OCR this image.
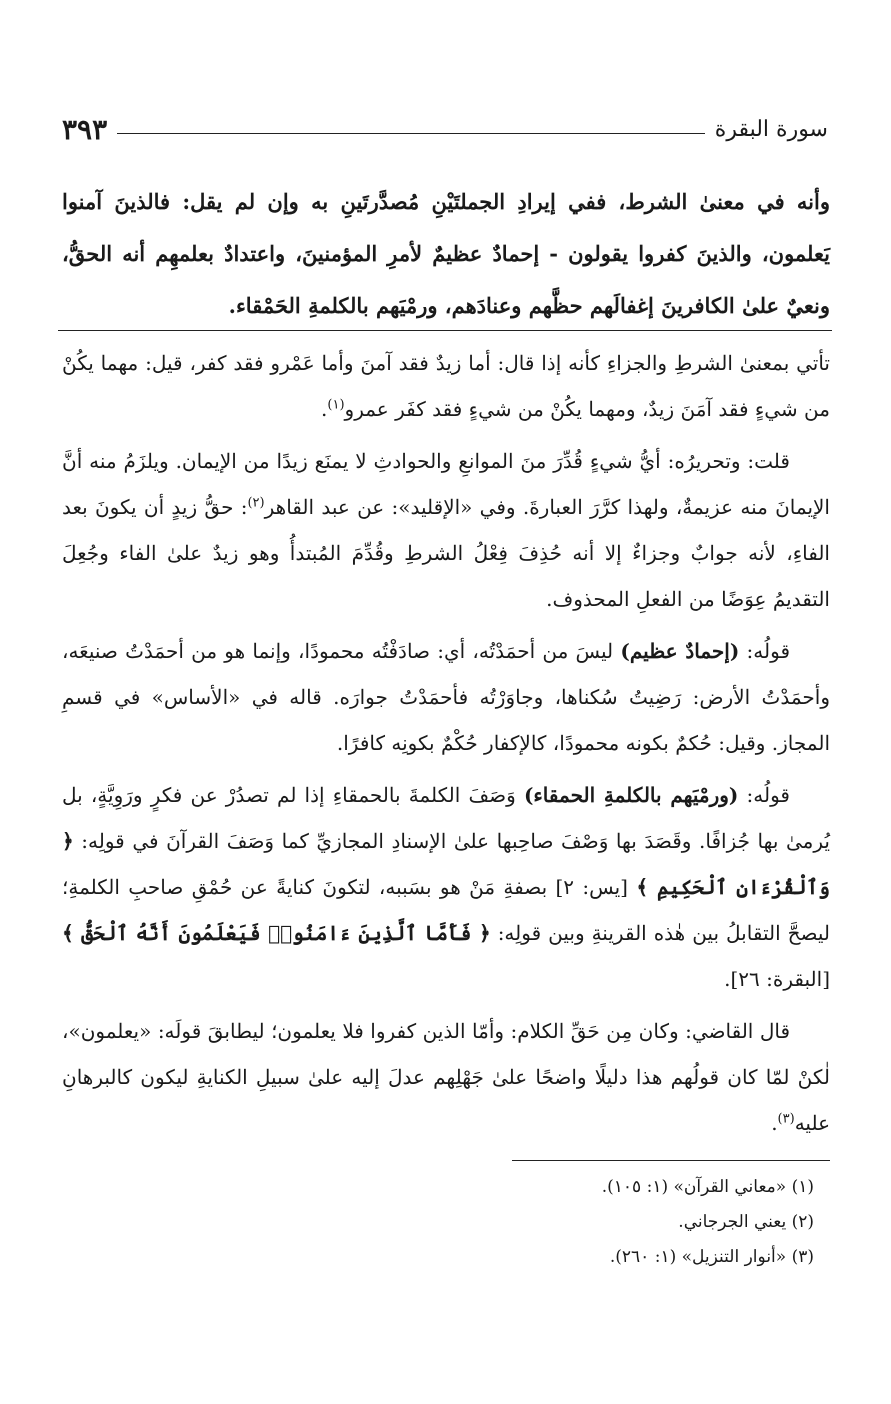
سورة البقرة
٣٩٣
وأنه في معنىٰ الشرط، ففي إيرادِ الجملتَيْنِ مُصدَّرتَينِ به وإن لم يقل: فالذينَ آمنوا يَعلمون، والذينَ كفروا يقولون - إحمادٌ عظيمٌ لأمرِ المؤمنينَ، واعتدادٌ بعلمهِم أنه الحقُّ، ونعيٌ علىٰ الكافرينَ إغفالَهم حظَّهم وعنادَهم، ورمْيَهم بالكلمةِ الحَمْقاء.

تأتي بمعنىٰ الشرطِ والجزاءِ كأنه إذا قال: أما زيدٌ فقد آمنَ وأما عَمْرو فقد كفر، قيل: مهما يكُنْ من شيءٍ فقد آمَنَ زيدٌ، ومهما يكُنْ من شيءٍ فقد كفَر عمرو$^{(١)}$.

قلت: وتحريرُه: أيُّ شيءٍ قُدِّرَ منَ الموانعِ والحوادثِ لا يمنَع زيدًا من الإيمان. ويلزَمُ منه أنَّ الإيمانَ منه عزيمةٌ، ولهذا كرَّرَ العبارةَ. وفي «الإقليد»: عن عبد القاهر$^{(٢)}$: حقُّ زيدٍ أن يكونَ بعد الفاءِ، لأنه جوابٌ وجزاءٌ إلا أنه حُذِفَ فِعْلُ الشرطِ وقُدِّمَ المُبتدأُ وهو زيدٌ علىٰ الفاء وجُعِلَ التقديمُ عِوَضًا من الفعلِ المحذوف.

قولُه: (إحمادٌ عظيم) ليسَ من أحمَدْتُه، أي: صادَفْتُه محمودًا، وإنما هو من أحمَدْتُ صنيعَه، وأحمَدْتُ الأرض: رَضِيتُ سُكناها، وجاوَرْتُه فأحمَدْتُ جوارَه. قاله في «الأساس» في قسمِ المجاز. وقيل: حُكمٌ بكونه محمودًا، كالإكفار حُكْمٌ بكونِه كافرًا.

قولُه: (ورمْيَهم بالكلمةِ الحمقاء) وَصَفَ الكلمةَ بالحمقاءِ إذا لم تصدُرْ عن فكرٍ ورَوِيَّةٍ، بل يُرمىٰ بها جُزافًا. وقَصَدَ بها وَصْفَ صاحِبها علىٰ الإسنادِ المجازيِّ كما وَصَفَ القرآنَ في قولِه: ﴿ وَٱلْقُرْءَانِ ٱلْحَكِيمِ ﴾ [يس: ٢] بصفةِ مَنْ هو بسَببه، لتكونَ كنايةً عن حُمْقِ صاحبِ الكلمةِ؛ ليصحَّ التقابلُ بين هٰذه القرينةِ وبين قولِه: ﴿ فَأَمَّا ٱلَّذِينَ ءَامَنُوا۟ فَيَعْلَمُونَ أَنَّهُ ٱلْحَقُّ ﴾ [البقرة: ٢٦].

قال القاضي: وكان مِن حَقِّ الكلام: وأمّا الذين كفروا فلا يعلمون؛ ليطابقَ قولَه: «يعلمون»، لٰكنْ لمّا كان قولُهم هذا دليلًا واضحًا علىٰ جَهْلِهم عدلَ إليه علىٰ سبيلِ الكنايةِ ليكون كالبرهانِ عليه$^{(٣)}$.

(١) «معاني القرآن» (١: ١٠٥).
(٢) يعني الجرجاني.
(٣) «أنوار التنزيل» (١: ٢٦٠).
